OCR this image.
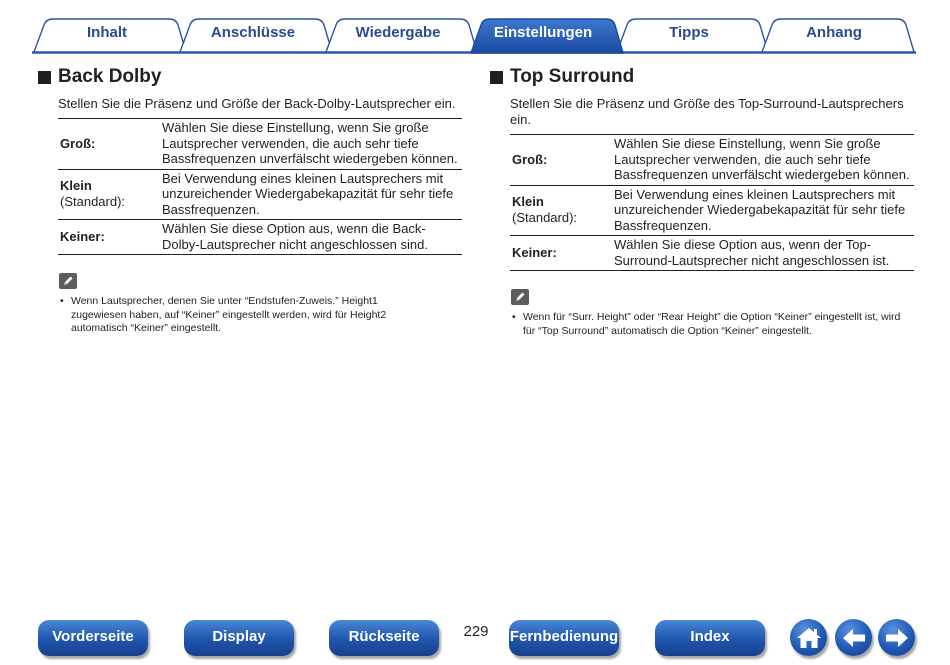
Inhalt	Anschlüsse	Wiedergabe	Einstellungen	Tipps	Anhang
Back Dolby
Stellen Sie die Präsenz und Größe der Back-Dolby-Lautsprecher ein.
Groß:	Wählen Sie diese Einstellung, wenn Sie große Lautsprecher verwenden, die auch sehr tiefe Bassfrequenzen unverfälscht wiedergeben können.

Klein
(Standard):	Bei Verwendung eines kleinen Lautsprechers mit unzureichender Wiedergabekapazität für sehr tiefe Bassfrequenzen.

Keiner:	Wählen Sie diese Option aus, wenn die Back-Dolby-Lautsprecher nicht angeschlossen sind.
• Wenn Lautsprecher, denen Sie unter “Endstufen-Zuweis.” Height1 zugewiesen haben, auf “Keiner” eingestellt werden, wird für Height2 automatisch “Keiner” eingestellt.
Top Surround
Stellen Sie die Präsenz und Größe des Top-Surround-Lautsprechers ein.
Groß:	Wählen Sie diese Einstellung, wenn Sie große Lautsprecher verwenden, die auch sehr tiefe Bassfrequenzen unverfälscht wiedergeben können.

Klein
(Standard):	Bei Verwendung eines kleinen Lautsprechers mit unzureichender Wiedergabekapazität für sehr tiefe Bassfrequenzen.

Keiner:	Wählen Sie diese Option aus, wenn der Top-Surround-Lautsprecher nicht angeschlossen ist.
• Wenn für “Surr. Height” oder “Rear Height” die Option “Keiner” eingestellt ist, wird für “Top Surround” automatisch die Option “Keiner” eingestellt.
Vorderseite	Display	Rückseite	229	Fernbedienung	Index
